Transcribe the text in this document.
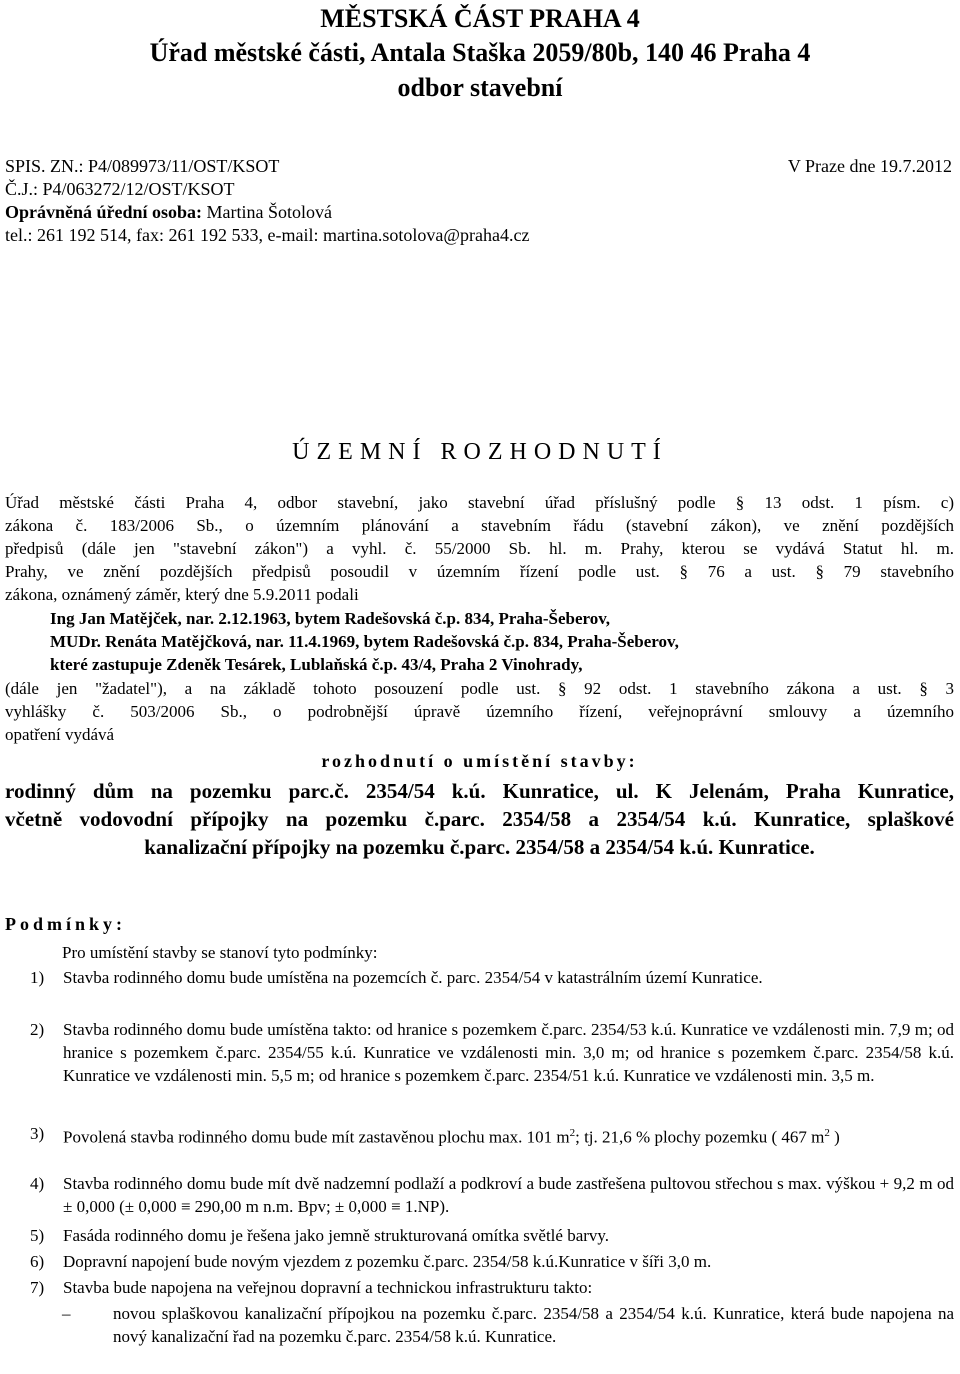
MĚSTSKÁ ČÁST PRAHA 4
Úřad městské části, Antala Staška 2059/80b, 140 46 Praha 4
odbor stavební
SPIS. ZN.: P4/089973/11/OST/KSOT	V Praze dne 19.7.2012
Č.J.: P4/063272/12/OST/KSOT
Oprávněná úřední osoba: Martina Šotolová
tel.: 261 192 514, fax: 261 192 533, e-mail: martina.sotolova@praha4.cz
ÚZEMNÍ ROZHODNUTÍ
Úřad městské části Praha 4, odbor stavební, jako stavební úřad příslušný podle § 13 odst. 1 písm. c)
zákona č. 183/2006 Sb., o územním plánování a stavebním řádu (stavební zákon), ve znění pozdějších
předpisů (dále jen "stavební zákon") a vyhl. č. 55/2000 Sb. hl. m. Prahy, kterou se vydává Statut hl. m.
Prahy, ve znění pozdějších předpisů posoudil v územním řízení podle ust. § 76 a ust. § 79 stavebního
zákona, oznámený záměr, který dne 5.9.2011 podali
Ing Jan Matějček, nar. 2.12.1963, bytem Radešovská č.p. 834, Praha-Šeberov,
MUDr. Renáta Matějčková, nar. 11.4.1969, bytem Radešovská č.p. 834, Praha-Šeberov,
které zastupuje Zdeněk Tesárek, Lublaňská č.p. 43/4, Praha 2 Vinohrady,
(dále jen "žadatel"), a na základě tohoto posouzení podle ust. § 92 odst. 1 stavebního zákona a ust. § 3
vyhlášky č. 503/2006 Sb., o podrobnější úpravě územního řízení, veřejnoprávní smlouvy a územního
opatření vydává
rozhodnutí o umístění stavby:
rodinný dům na pozemku parc.č. 2354/54 k.ú. Kunratice, ul. K Jelenám, Praha Kunratice,
včetně vodovodní přípojky na pozemku č.parc. 2354/58 a 2354/54 k.ú. Kunratice, splaškové
kanalizační přípojky na pozemku č.parc. 2354/58 a 2354/54 k.ú. Kunratice.
Podmínky:
Pro umístění stavby se stanoví tyto podmínky:
1)	Stavba rodinného domu bude umístěna na pozemcích č. parc. 2354/54 v katastrálním území Kunratice.
2)	Stavba rodinného domu bude umístěna takto: od hranice s pozemkem č.parc. 2354/53 k.ú. Kunratice ve vzdálenosti min. 7,9 m; od hranice s pozemkem č.parc. 2354/55 k.ú. Kunratice ve vzdálenosti min. 3,0 m; od hranice s pozemkem č.parc. 2354/58 k.ú. Kunratice ve vzdálenosti min. 5,5 m; od hranice s pozemkem č.parc. 2354/51 k.ú. Kunratice ve vzdálenosti min. 3,5 m.
3)	Povolená stavba rodinného domu bude mít zastavěnou plochu max. 101 $m^2$; tj. 21,6 % plochy pozemku ( 467 $m^2$ )
4)	Stavba rodinného domu bude mít dvě nadzemní podlaží a podkroví a bude zastřešena pultovou střechou s max. výškou + 9,2 m od ± 0,000 (± 0,000 ≡ 290,00 m n.m. Bpv; ± 0,000 ≡ 1.NP).
5)	Fasáda rodinného domu je řešena jako jemně strukturovaná omítka světlé barvy.
6)	Dopravní napojení bude novým vjezdem z pozemku č.parc. 2354/58 k.ú.Kunratice v šíři 3,0 m.
7)	Stavba bude napojena na veřejnou dopravní a technickou infrastrukturu takto:
–	novou splaškovou kanalizační přípojkou na pozemku č.parc. 2354/58 a 2354/54 k.ú. Kunratice, která bude napojena na nový kanalizační řad na pozemku č.parc. 2354/58 k.ú. Kunratice.
